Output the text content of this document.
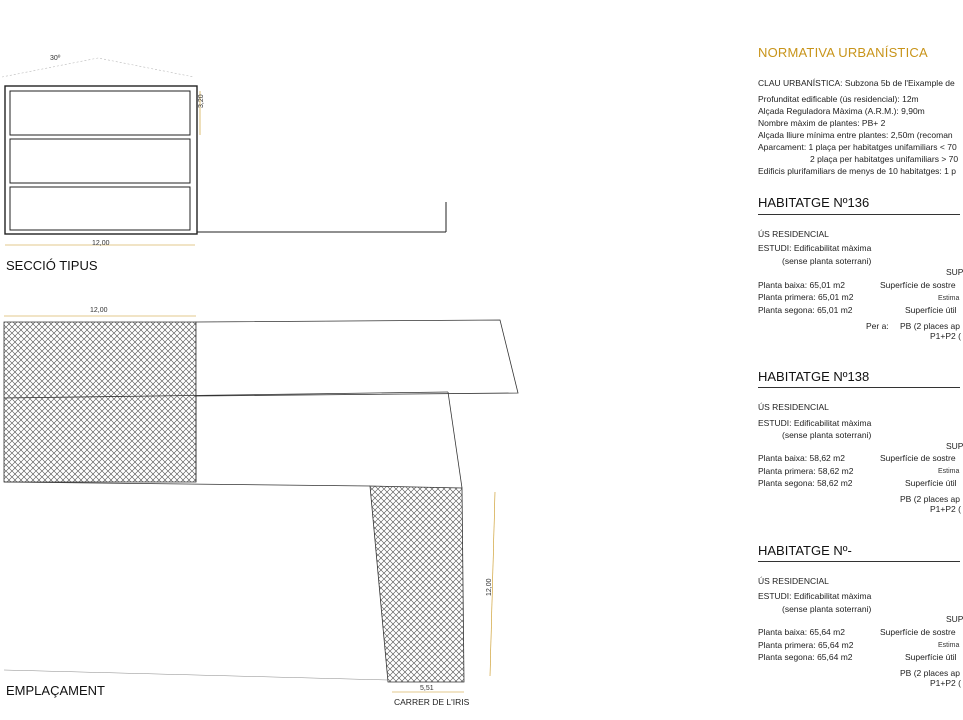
30º
3,20
12,00
SECCIÓ TIPUS
12,00
12,00
5,51
EMPLAÇAMENT
CARRER DE L'IRIS
NORMATIVA URBANÍSTICA
CLAU URBANÍSTICA: Subzona 5b de l'Eixample de
Profunditat edificable (ús residencial): 12m
Alçada Reguladora Màxima (A.R.M.): 9,90m
Nombre màxim de plantes: PB+ 2
Alçada lliure mínima entre plantes: 2,50m (recoman
Aparcament: 1 plaça per habitatges unifamiliars < 70
2 plaça per habitatges unifamiliars > 70
Edificis plurifamiliars de menys de 10 habitatges: 1 p
HABITATGE Nº136
ÚS RESIDENCIAL
ESTUDI: Edificabilitat màxima
(sense planta soterrani)
SUP
Planta baixa: 65,01 m2
Planta primera: 65,01 m2
Planta segona: 65,01 m2
Superfície de sostre
Estima
Superfície útil
Per a: PB (2 places ap
P1+P2 (
HABITATGE Nº138
ÚS RESIDENCIAL
ESTUDI: Edificabilitat màxima
(sense planta soterrani)
SUP
Planta baixa: 58,62 m2
Planta primera: 58,62 m2
Planta segona: 58,62 m2
Superfície de sostre
Estima
Superfície útil
PB (2 places ap
P1+P2 (
HABITATGE Nº-
ÚS RESIDENCIAL
ESTUDI: Edificabilitat màxima
(sense planta soterrani)
SUP
Planta baixa: 65,64 m2
Planta primera: 65,64 m2
Planta segona: 65,64 m2
Superfície de sostre
Estima
Superfície útil
PB (2 places ap
P1+P2 (
